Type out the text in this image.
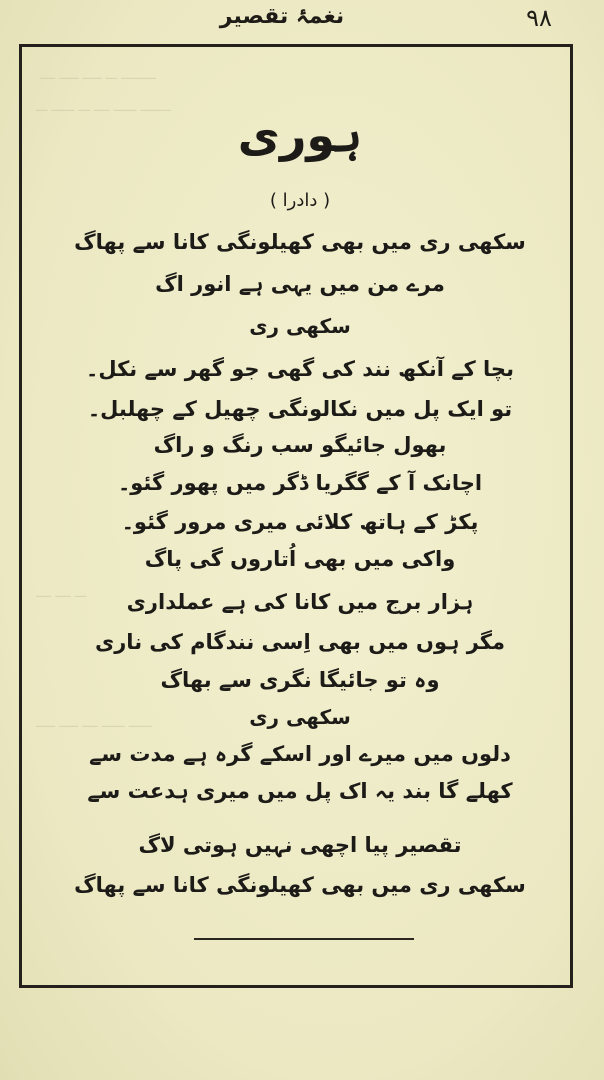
ـــــــــ ـــ ـــــ ـــــ ــــ
ــــــــ ــــــ ــــ ـــ ــــــ ـــ
ـــ ــــ ــــ
ــــــ ــــــ ــــ ـــــ ـــــ
نغمۂ تقصیر	۹۸
ہوری
( دادرا )
سکھی ری میں بھی کھیلونگی کانا سے پھاگ
مرے من میں یہی ہے انور اگ
سکھی ری
بچا کے آنکھ نند کی گھی جو گھر سے نکل۔
تو ایک پل میں نکالونگی چھیل کے چھلبل۔
بھول جائیگو سب رنگ و راگ
اچانک آ کے گگریا ڈگر میں پھور گئو۔
پکڑ کے ہاتھ کلائی میری مرور گئو۔
واکی میں بھی اُتاروں گی پاگ
ہزار برج میں کانا کی ہے عملداری
مگر ہوں میں بھی اِسی نندگام کی ناری
وہ تو جائیگا نگری سے بھاگ
سکھی ری
دلوں میں میرے اور اسکے گرہ ہے مدت سے
کھلے گا بند یہ اک پل میں میری ہدعت سے
تقصیر پیا اچھی نہیں ہوتی لاگ
سکھی ری میں بھی کھیلونگی کانا سے پھاگ
